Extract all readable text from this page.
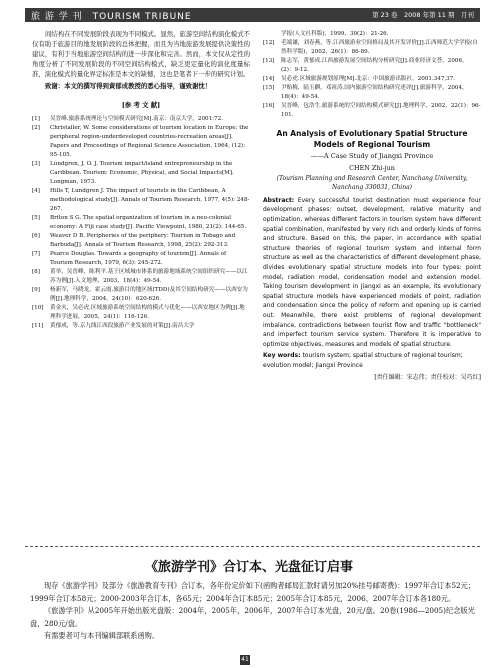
旅 游 学 刊　TOURISM TRIBUNE	第 23 卷　2008 年第 11 期　月刊

间结构在不同发展阶段表现为不同模式。显然，旅游空间结构演化模式不仅有助于旅游目的地发展阶段的总体把握，而且为当地旅游发展提供决策性的建议，有利于当地旅游空间结构的进一步深化和完善。然而，本文仅从定性的角度分析了不同发展阶段的不同空间结构模式，缺乏更定量化的演化度量标准，演化模式的量化界定标准是本文的缺憾，这也是笔者下一步的研究计划。

致谢：本文的撰写得到黄郁成教授的悉心指导，谨致谢忱！

[参 考 文 献]
[1]	吴晋峰.旅游系统理论与空间模式研究[M].南京：南京大学，2001:72.
[2]	Christaller, W. Some considerations of tourism location in Europe: the peripheral region-underdeveloped countries-recreation areas[J]. Papers and Proceedings of Regional Science Association, 1964, (12): 95-105.
[3]	Lundgren, J. O. J. Tourism impact/island entrepreneurship in the Caribbean. Tourism: Economic, Physical, and Social Impacts[M]. Longman, 1973.
[4]	Hills T, Lundgren J. The impact of tourists in the Caribbean, A methodological study[J]. Annals of Tourism Research, 1977, 4(5): 248-267.
[5]	Briton S G. The spatial organization of tourism in a neo-colonial economy: A Fiji case study[J]. Pacific Viewpoint, 1980, 21(2): 144-65.
[6]	Weaver D B. Peripheries of the periphery: Tourism in Tobago and Barbuda[J]. Annals of Tourism Research, 1998, 25(2): 292-313.
[7]	Pearce Douglas. Towards a geography of tourism[J]. Annals of Tourism Research, 1979, 6(3): 245-272.
[8]	黄举，吴晋峰，陈利平.基于区域城市体系的旅游地域系统空间组织研究——以江苏为例[J].人文地理，2003，18(4)：49-54.
[9]	杨新军，马晓龙，霍云霞.旅游目的地区域(TDD)及其空间结构研究——以西安为例[J].地理科学，2004，24(10)：620-626.
[10]	黄金火，吴必虎.区域旅游系统空间结构的模式与优化——以西安地区为例[J].地理科学进展，2005，24(1)：116-126.
[11]	黄郁成，等.京九线江西段旅游产业发展的对策[J].南昌大学
学报(人文社科版)，1999，30(2)：21-26.
[12]	毛端谦，刘春燕，等.江西旅游业空间格局及其开发评价[J].江西师范大学学报(自然科学版)，2002，26(1)：86-89.
[13]	陈志军，黄郁成.江西旅游发展空间结构分析研究[J].商业经济文荟，2006，(2)：9-12.
[14]	吴必虎.区域旅游规划原理[M].北京：中国旅游出版社，2001.347,37.
[15]	尹贻梅，陆玉麒，邓祖涛.国内旅游空间结构研究述评[J].旅游科学，2004，18(4)：49-54.
[16]	吴晋峰，包浩生.旅游系统的空间结构模式研究[J].地理科学，2002，22(1)：96-101.
An Analysis of Evolutionary Spatial Structure Models of Regional Tourism
——A Case Study of Jiangxi Province
CHEN Zhi-jun
(Tourism Planning and Research Center, Nanchang University, Nanchang 330031, China)
Abstract: Every successful tourist destination must experience four development phases: outset, development, relative maturity and optimization, whereas different factors in tourism system have different spatial combination, manifested by very rich and orderly kinds of forms and structure. Based on this, the paper, in accordance with spatial structure theories of regional tourism system and internal form structure as well as the characteristics of different development phase, divides evolutionary spatial structure models into four types: point model, radiation model, condensation model and extension model. Taking tourism development in Jiangxi as an example, its evolutionary spatial structure models have experienced models of point, radiation and condensation since the policy of reform and opening up is carried out. Meanwhile, there exist problems of regional development imbalance, contradictions between tourist flow and traffic "bottleneck" and imperfect tourism service system. Therefore it is imperative to optimize objectives, measures and models of spatial structure.
Key words: tourism system; spatial structure of regional tourism; evolution model; Jiangxi Province
[责任编辑：宋志伟；责任校对：吴巧红]
《旅游学刊》合订本、光盘征订启事

现存《旅游学刊》及部分《旅游教育专刊》合订本，各年份定价如下(函购者邮局汇款时请另加20%挂号邮寄费)：1997年合订本52元；1999年合订本58元；2000-2003年合订本，各65元；2004年合订本85元；2005年合订本85元，2006、2007年合订本各180元。

《旅游学刊》从2005年开始出版光盘版：2004年，2005年，2006年，2007年合订本光盘，20元/盘。20卷(1986—2005)纪念版光盘，280元/盘。

有需要者可与本刊编辑部联系函购。

41
